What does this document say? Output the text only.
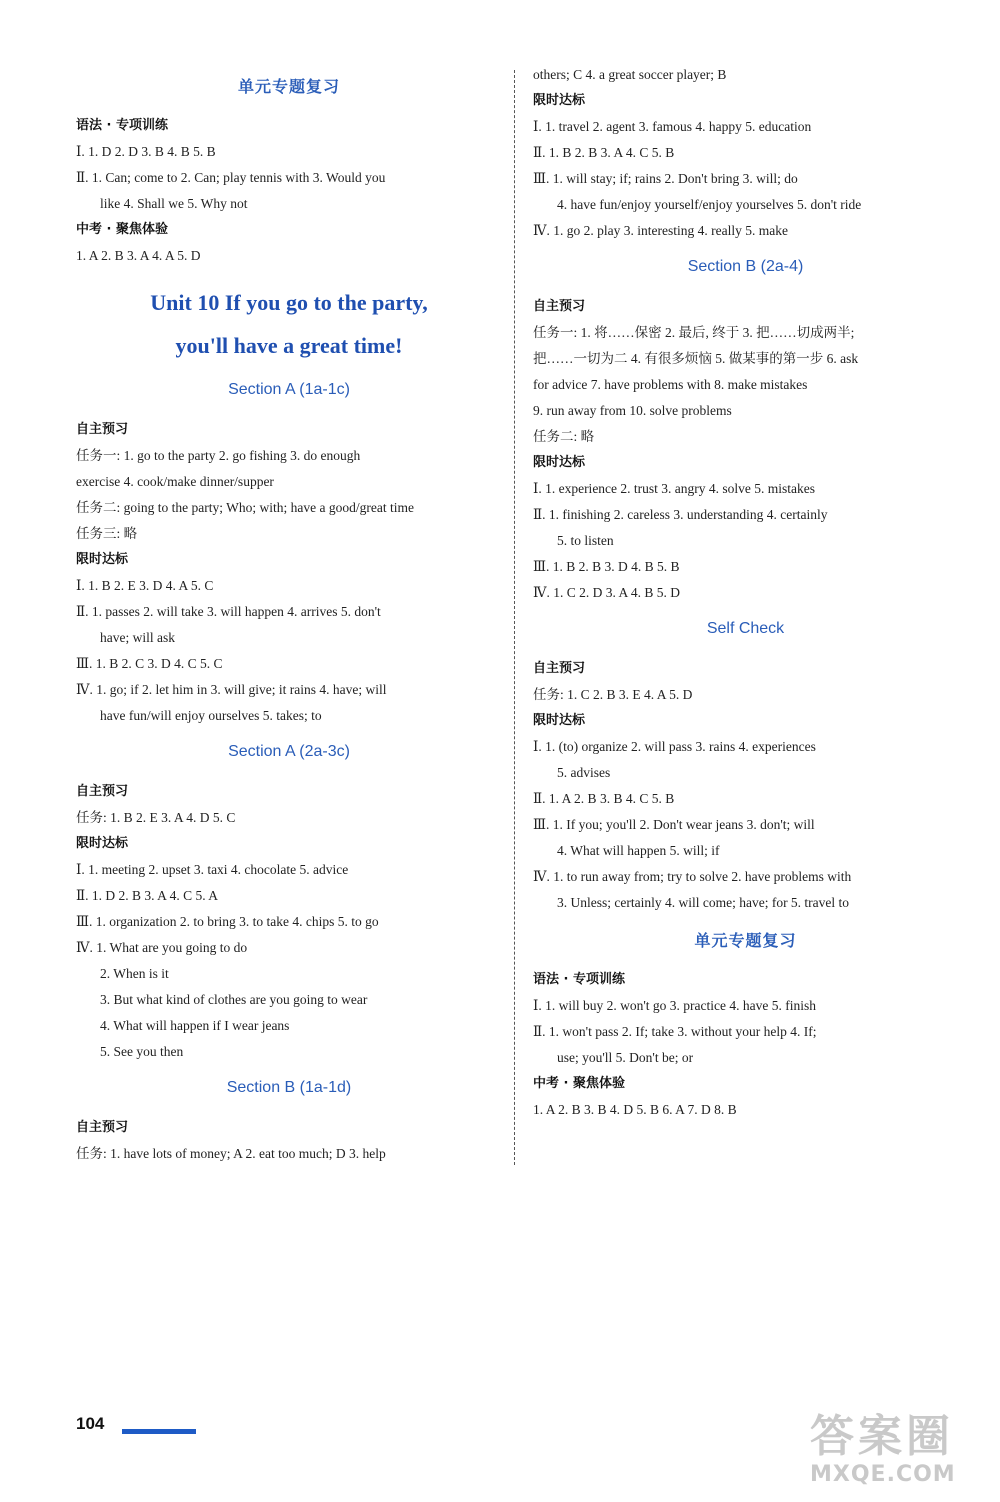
单元专题复习
语法 · 专项训练
Ⅰ. 1. D 2. D 3. B 4. B 5. B
Ⅱ. 1. Can; come to 2. Can; play tennis with 3. Would you
like 4. Shall we 5. Why not
中考 · 聚焦体验
1. A 2. B 3. A 4. A 5. D
Unit 10 If you go to the party,
you'll have a great time!
Section A (1a-1c)
自主预习
任务一: 1. go to the party 2. go fishing 3. do enough
exercise 4. cook/make dinner/supper
任务二: going to the party; Who; with; have a good/great time
任务三: 略
限时达标
Ⅰ. 1. B 2. E 3. D 4. A 5. C
Ⅱ. 1. passes 2. will take 3. will happen 4. arrives 5. don't
have; will ask
Ⅲ. 1. B 2. C 3. D 4. C 5. C
Ⅳ. 1. go; if 2. let him in 3. will give; it rains 4. have; will
have fun/will enjoy ourselves 5. takes; to
Section A (2a-3c)
自主预习
任务: 1. B 2. E 3. A 4. D 5. C
限时达标
Ⅰ. 1. meeting 2. upset 3. taxi 4. chocolate 5. advice
Ⅱ. 1. D 2. B 3. A 4. C 5. A
Ⅲ. 1. organization 2. to bring 3. to take 4. chips 5. to go
Ⅳ. 1. What are you going to do
2. When is it
3. But what kind of clothes are you going to wear
4. What will happen if I wear jeans
5. See you then
Section B (1a-1d)
自主预习
任务: 1. have lots of money; A 2. eat too much; D 3. help
others; C 4. a great soccer player; B
限时达标
Ⅰ. 1. travel 2. agent 3. famous 4. happy 5. education
Ⅱ. 1. B 2. B 3. A 4. C 5. B
Ⅲ. 1. will stay; if; rains 2. Don't bring 3. will; do
4. have fun/enjoy yourself/enjoy yourselves 5. don't ride
Ⅳ. 1. go 2. play 3. interesting 4. really 5. make
Section B (2a-4)
自主预习
任务一: 1. 将……保密 2. 最后, 终于 3. 把……切成两半;
把……一切为二 4. 有很多烦恼 5. 做某事的第一步 6. ask
for advice 7. have problems with 8. make mistakes
9. run away from 10. solve problems
任务二: 略
限时达标
Ⅰ. 1. experience 2. trust 3. angry 4. solve 5. mistakes
Ⅱ. 1. finishing 2. careless 3. understanding 4. certainly
5. to listen
Ⅲ. 1. B 2. B 3. D 4. B 5. B
Ⅳ. 1. C 2. D 3. A 4. B 5. D
Self Check
自主预习
任务: 1. C 2. B 3. E 4. A 5. D
限时达标
Ⅰ. 1. (to) organize 2. will pass 3. rains 4. experiences
5. advises
Ⅱ. 1. A 2. B 3. B 4. C 5. B
Ⅲ. 1. If you; you'll 2. Don't wear jeans 3. don't; will
4. What will happen 5. will; if
Ⅳ. 1. to run away from; try to solve 2. have problems with
3. Unless; certainly 4. will come; have; for 5. travel to
单元专题复习
语法 · 专项训练
Ⅰ. 1. will buy 2. won't go 3. practice 4. have 5. finish
Ⅱ. 1. won't pass 2. If; take 3. without your help 4. If;
use; you'll 5. Don't be; or
中考 · 聚焦体验
1. A 2. B 3. B 4. D 5. B 6. A 7. D 8. B
104	答案圈
MXQE.COM
